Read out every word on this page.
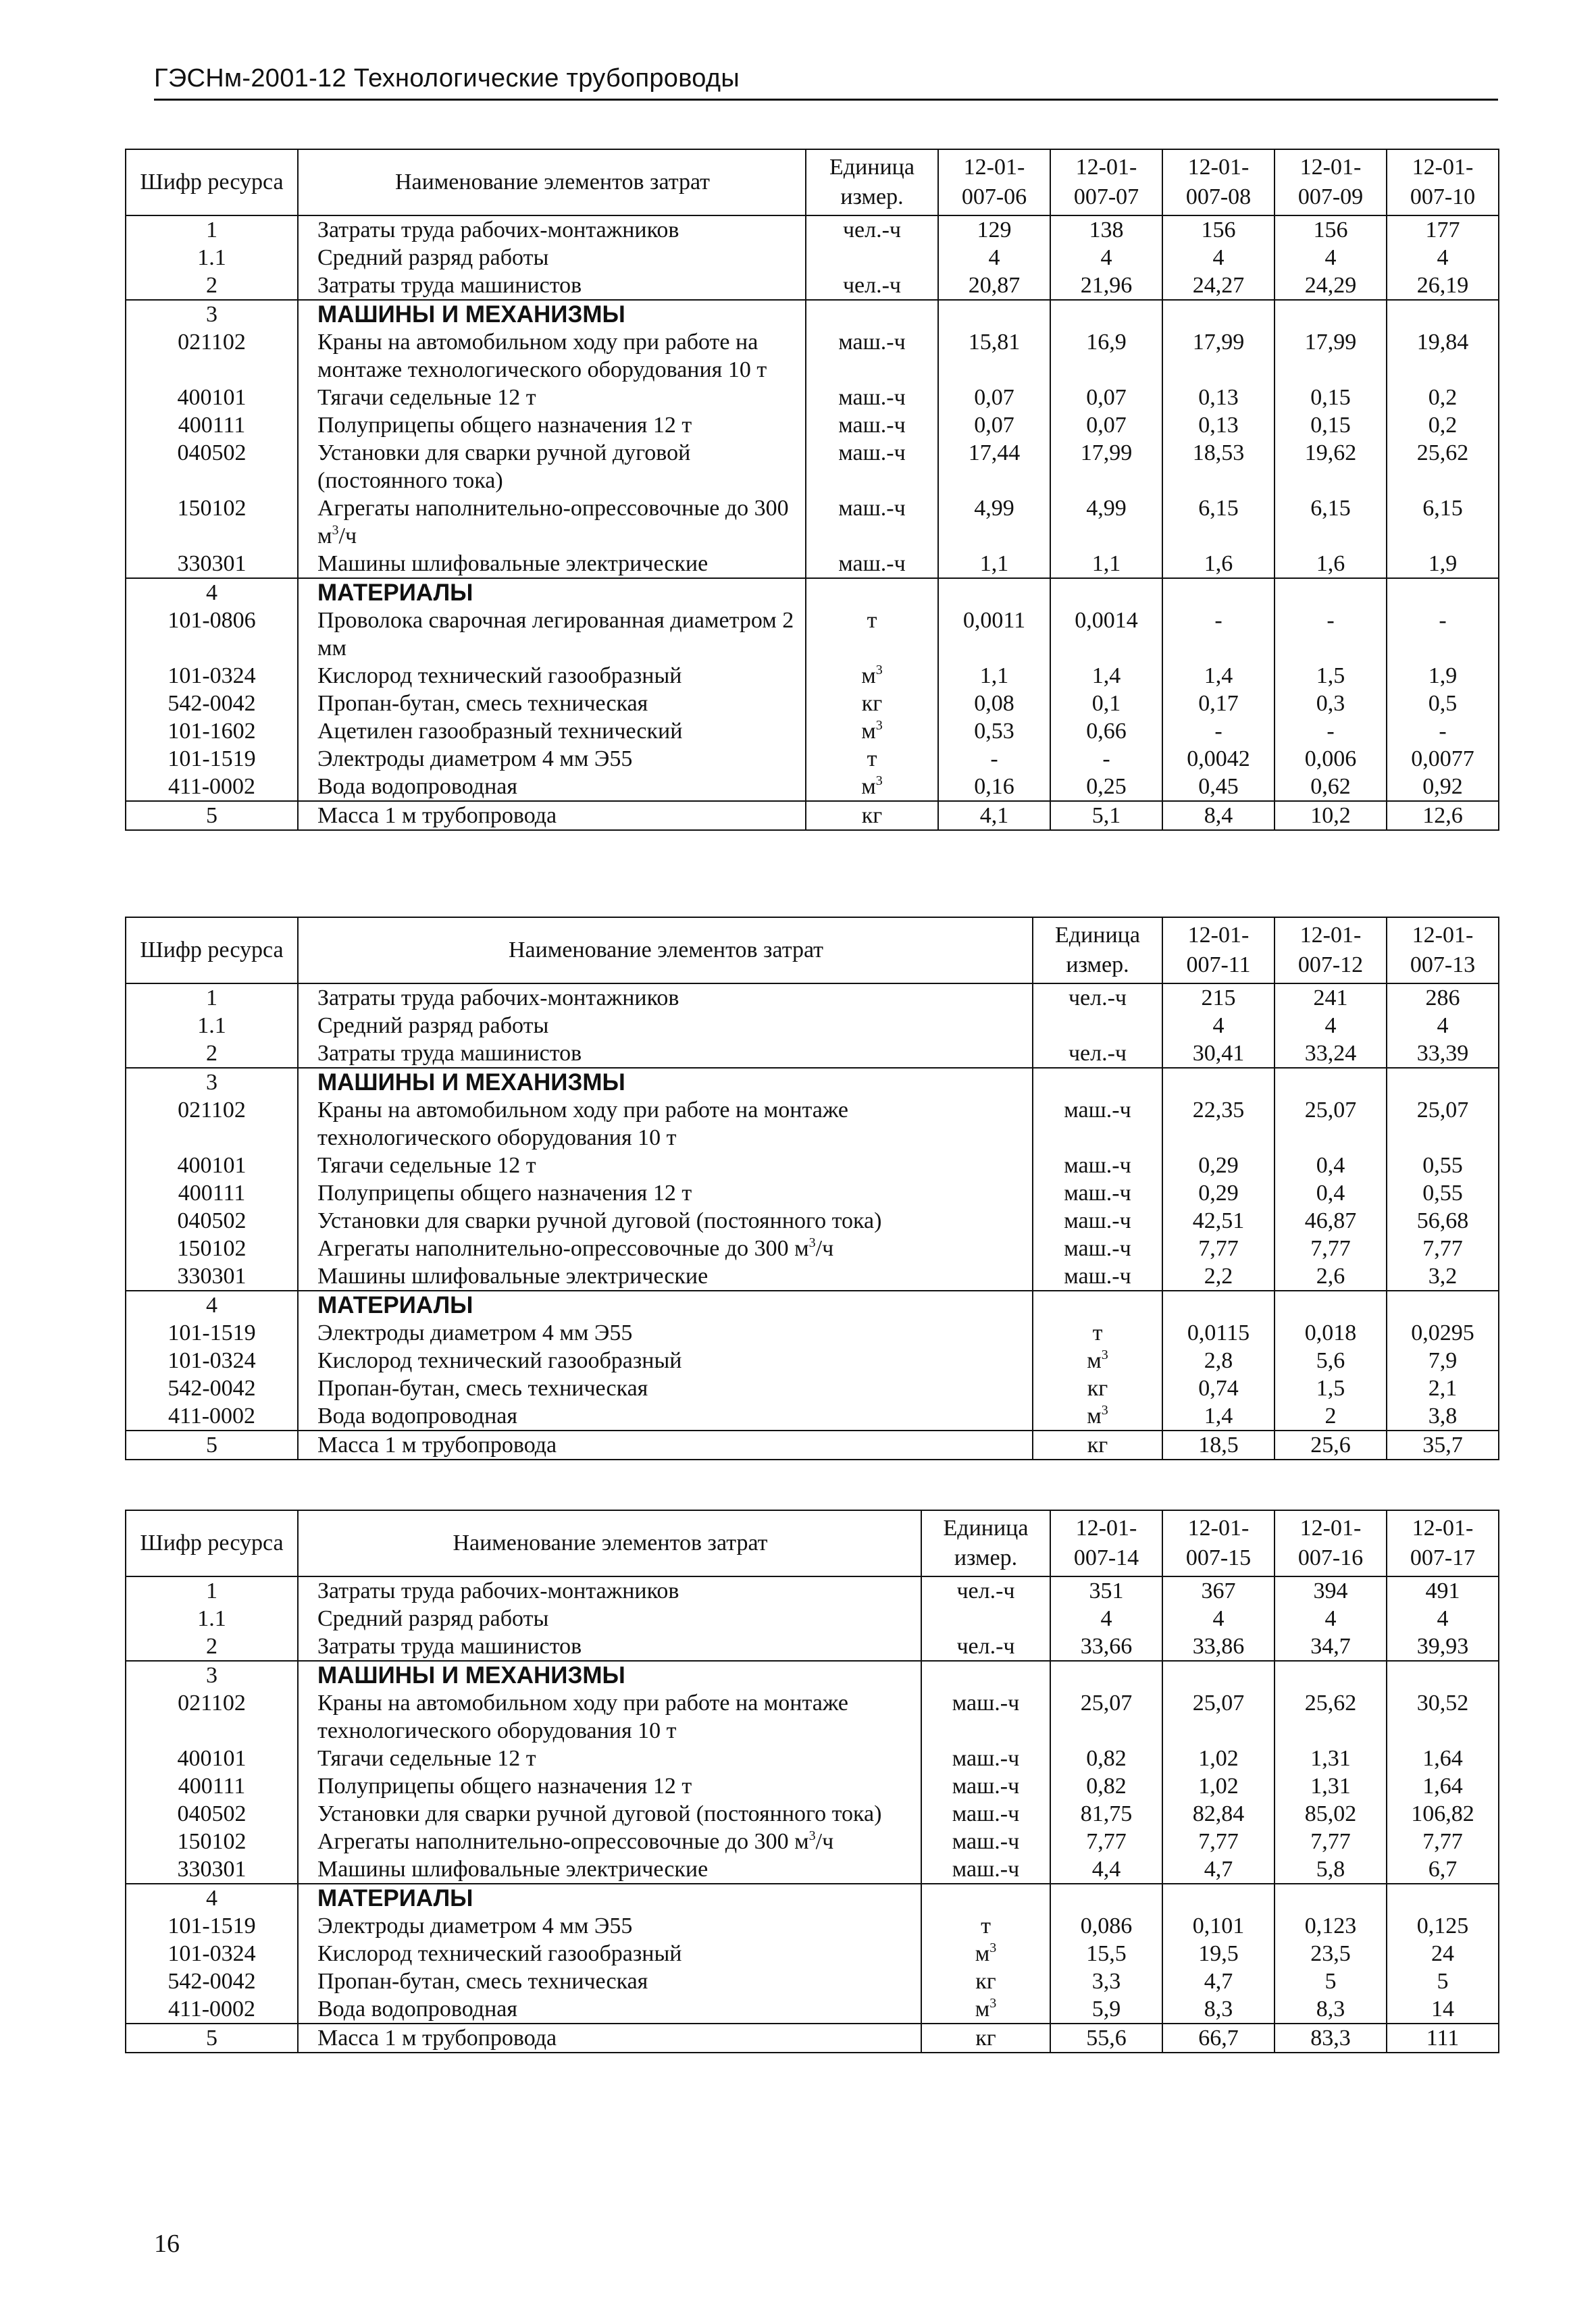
ГЭСНм-2001-12 Технологические трубопроводы
Шифр ресурса	Наименование элементов затрат	Единица измер.	12-01-007-06	12-01-007-07	12-01-007-08	12-01-007-09	12-01-007-10
1	Затраты труда рабочих-монтажников	чел.-ч	129	138	156	156	177
1.1	Средний разряд работы		4	4	4	4	4
2	Затраты труда машинистов	чел.-ч	20,87	21,96	24,27	24,29	26,19
3	МАШИНЫ И МЕХАНИЗМЫ						
021102	Краны на автомобильном ходу при работе на монтаже технологического оборудования 10 т	маш.-ч	15,81	16,9	17,99	17,99	19,84
400101	Тягачи седельные 12 т	маш.-ч	0,07	0,07	0,13	0,15	0,2
400111	Полуприцепы общего назначения 12 т	маш.-ч	0,07	0,07	0,13	0,15	0,2
040502	Установки для сварки ручной дуговой (постоянного тока)	маш.-ч	17,44	17,99	18,53	19,62	25,62
150102	Агрегаты наполнительно-опрессовочные до 300 $м^3/ч$	маш.-ч	4,99	4,99	6,15	6,15	6,15
330301	Машины шлифовальные электрические	маш.-ч	1,1	1,1	1,6	1,6	1,9
4	МАТЕРИАЛЫ						
101-0806	Проволока сварочная легированная диаметром 2 мм	т	0,0011	0,0014	-	-	-
101-0324	Кислород технический газообразный	$м^3$	1,1	1,4	1,4	1,5	1,9
542-0042	Пропан-бутан, смесь техническая	кг	0,08	0,1	0,17	0,3	0,5
101-1602	Ацетилен газообразный технический	$м^3$	0,53	0,66	-	-	-
101-1519	Электроды диаметром 4 мм Э55	т	-	-	0,0042	0,006	0,0077
411-0002	Вода водопроводная	$м^3$	0,16	0,25	0,45	0,62	0,92
5	Масса 1 м трубопровода	кг	4,1	5,1	8,4	10,2	12,6
Шифр ресурса	Наименование элементов затрат	Единица измер.	12-01-007-11	12-01-007-12	12-01-007-13
1	Затраты труда рабочих-монтажников	чел.-ч	215	241	286
1.1	Средний разряд работы		4	4	4
2	Затраты труда машинистов	чел.-ч	30,41	33,24	33,39
3	МАШИНЫ И МЕХАНИЗМЫ				
021102	Краны на автомобильном ходу при работе на монтаже технологического оборудования 10 т	маш.-ч	22,35	25,07	25,07
400101	Тягачи седельные 12 т	маш.-ч	0,29	0,4	0,55
400111	Полуприцепы общего назначения 12 т	маш.-ч	0,29	0,4	0,55
040502	Установки для сварки ручной дуговой (постоянного тока)	маш.-ч	42,51	46,87	56,68
150102	Агрегаты наполнительно-опрессовочные до 300 $м^3/ч$	маш.-ч	7,77	7,77	7,77
330301	Машины шлифовальные электрические	маш.-ч	2,2	2,6	3,2
4	МАТЕРИАЛЫ				
101-1519	Электроды диаметром 4 мм Э55	т	0,0115	0,018	0,0295
101-0324	Кислород технический газообразный	$м^3$	2,8	5,6	7,9
542-0042	Пропан-бутан, смесь техническая	кг	0,74	1,5	2,1
411-0002	Вода водопроводная	$м^3$	1,4	2	3,8
5	Масса 1 м трубопровода	кг	18,5	25,6	35,7
Шифр ресурса	Наименование элементов затрат	Единица измер.	12-01-007-14	12-01-007-15	12-01-007-16	12-01-007-17
1	Затраты труда рабочих-монтажников	чел.-ч	351	367	394	491
1.1	Средний разряд работы		4	4	4	4
2	Затраты труда машинистов	чел.-ч	33,66	33,86	34,7	39,93
3	МАШИНЫ И МЕХАНИЗМЫ					
021102	Краны на автомобильном ходу при работе на монтаже технологического оборудования 10 т	маш.-ч	25,07	25,07	25,62	30,52
400101	Тягачи седельные 12 т	маш.-ч	0,82	1,02	1,31	1,64
400111	Полуприцепы общего назначения 12 т	маш.-ч	0,82	1,02	1,31	1,64
040502	Установки для сварки ручной дуговой (постоянного тока)	маш.-ч	81,75	82,84	85,02	106,82
150102	Агрегаты наполнительно-опрессовочные до 300 $м^3/ч$	маш.-ч	7,77	7,77	7,77	7,77
330301	Машины шлифовальные электрические	маш.-ч	4,4	4,7	5,8	6,7
4	МАТЕРИАЛЫ					
101-1519	Электроды диаметром 4 мм Э55	т	0,086	0,101	0,123	0,125
101-0324	Кислород технический газообразный	$м^3$	15,5	19,5	23,5	24
542-0042	Пропан-бутан, смесь техническая	кг	3,3	4,7	5	5
411-0002	Вода водопроводная	$м^3$	5,9	8,3	8,3	14
5	Масса 1 м трубопровода	кг	55,6	66,7	83,3	111
16
